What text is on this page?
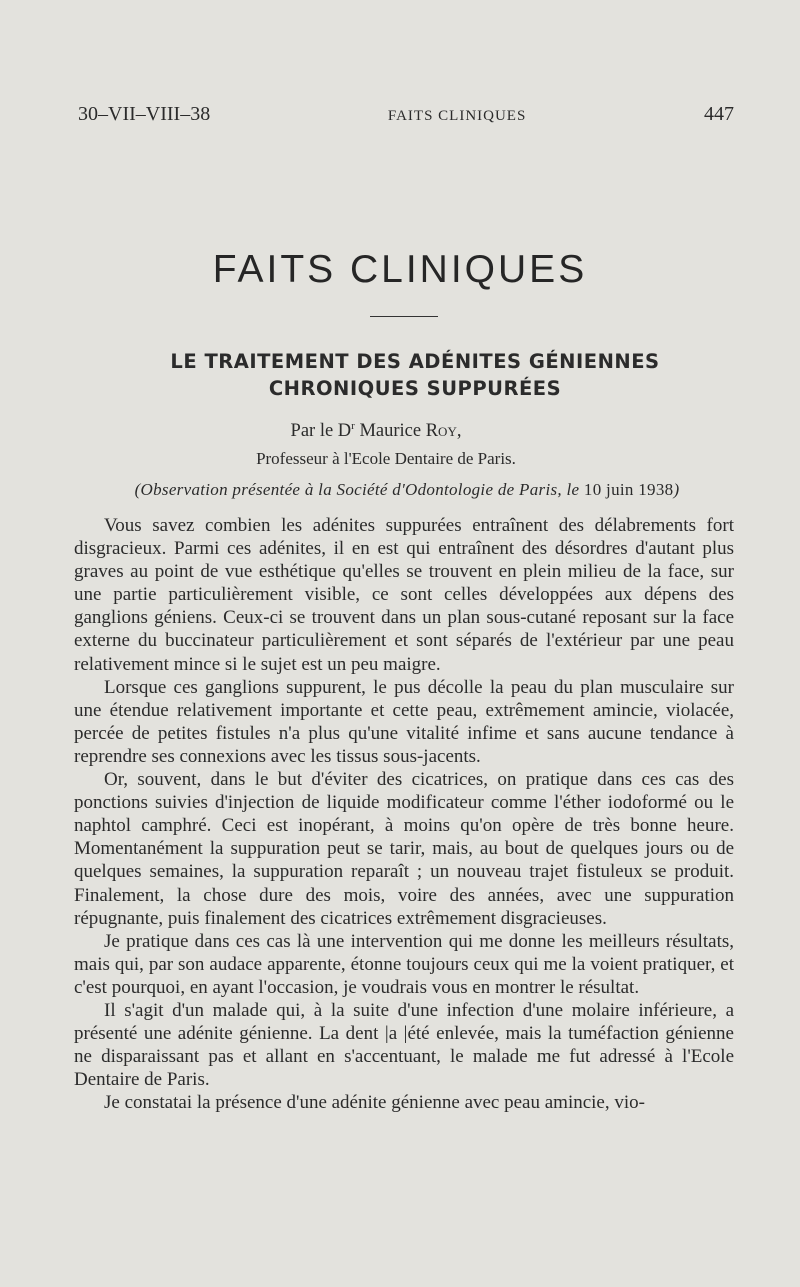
30–VII–VIII–38	FAITS CLINIQUES	447
FAITS CLINIQUES
LE TRAITEMENT DES ADÉNITES GÉNIENNES
CHRONIQUES SUPPURÉES
Par le $D^r$ Maurice Roy,
Professeur à l'Ecole Dentaire de Paris.
(Observation présentée à la Société d'Odontologie de Paris, le 10 juin 1938)

Vous savez combien les adénites suppurées entraînent des délabrements fort disgracieux. Parmi ces adénites, il en est qui entraînent des désordres d'autant plus graves au point de vue esthétique qu'elles se trouvent en plein milieu de la face, sur une partie particulièrement visible, ce sont celles développées aux dépens des ganglions géniens. Ceux-ci se trouvent dans un plan sous-cutané reposant sur la face externe du buccinateur particulièrement et sont séparés de l'extérieur par une peau relativement mince si le sujet est un peu maigre.

Lorsque ces ganglions suppurent, le pus décolle la peau du plan musculaire sur une étendue relativement importante et cette peau, extrêmement amincie, violacée, percée de petites fistules n'a plus qu'une vitalité infime et sans aucune tendance à reprendre ses connexions avec les tissus sous-jacents.

Or, souvent, dans le but d'éviter des cicatrices, on pratique dans ces cas des ponctions suivies d'injection de liquide modificateur comme l'éther iodoformé ou le naphtol camphré. Ceci est inopérant, à moins qu'on opère de très bonne heure. Momentanément la suppuration peut se tarir, mais, au bout de quelques jours ou de quelques semaines, la suppuration reparaît ; un nouveau trajet fistuleux se produit. Finalement, la chose dure des mois, voire des années, avec une suppuration répugnante, puis finalement des cicatrices extrêmement disgracieuses.

Je pratique dans ces cas là une intervention qui me donne les meilleurs résultats, mais qui, par son audace apparente, étonne toujours ceux qui me la voient pratiquer, et c'est pourquoi, en ayant l'occasion, je voudrais vous en montrer le résultat.

Il s'agit d'un malade qui, à la suite d'une infection d'une molaire inférieure, a présenté une adénite génienne. La dent |a |été enlevée, mais la tuméfaction génienne ne disparaissant pas et allant en s'accentuant, le malade me fut adressé à l'Ecole Dentaire de Paris.

Je constatai la présence d'une adénite génienne avec peau amincie, vio-
